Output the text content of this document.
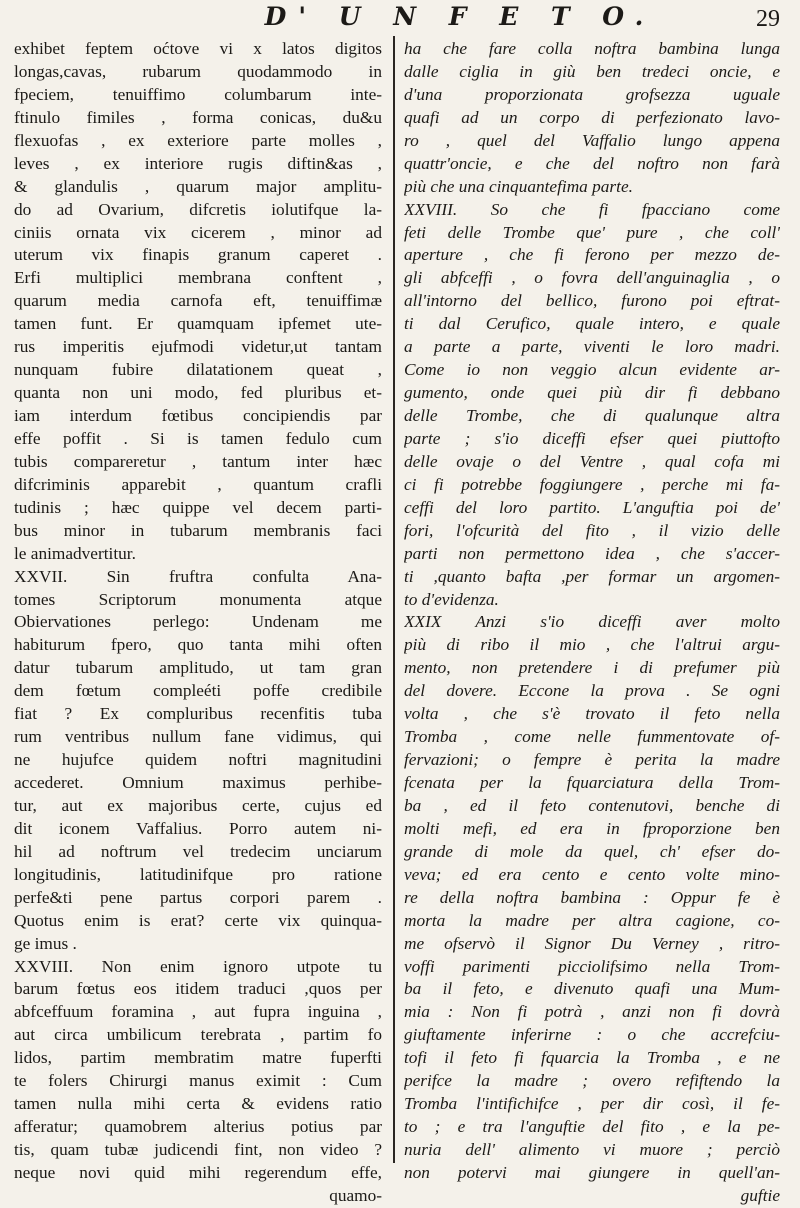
D' U N F E T O.	29
exhibet feptem oćtove vi x latos digitos
longas,cavas, rubarum quodammodo in
fpeciem, tenuiffimo columbarum inte-
ftinulo fimiles , forma conicas, du&u
flexuofas , ex exteriore parte molles ,
leves , ex interiore rugis diftin&as ,
& glandulis , quarum major amplitu-
do ad Ovarium, difcretis iolutifque la-
ciniis ornata vix cicerem , minor ad
uterum vix finapis granum caperet .
Erfi multiplici membrana conftent ,
quarum media carnofa eft, tenuiffimæ
tamen funt. Er quamquam ipfemet ute-
rus imperitis ejufmodi videtur,ut tantam
nunquam fubire dilatationem queat ,
quanta non uni modo, fed pluribus et-
iam interdum fœtibus concipiendis par
effe poffit . Si is tamen fedulo cum
tubis compareretur , tantum inter hæc
difcriminis apparebit , quantum crafli
tudinis ; hæc quippe vel decem parti-
bus minor in tubarum membranis faci
le animadvertitur.
XXVII. Sin fruftra confulta Ana-
tomes Scriptorum monumenta atque
Obiervationes perlego: Undenam me
habiturum fpero, quo tanta mihi often
datur tubarum amplitudo, ut tam gran
dem fœtum compleéti poffe credibile
fiat ? Ex compluribus recenfitis tuba
rum ventribus nullum fane vidimus, qui
ne hujufce quidem noftri magnitudini
accederet. Omnium maximus perhibe-
tur, aut ex majoribus certe, cujus ed
dit iconem Vaffalius. Porro autem ni-
hil ad noftrum vel tredecim unciarum
longitudinis, latitudinifque pro ratione
perfe&ti pene partus corpori parem .
Quotus enim is erat? certe vix quinqua-
ge imus .
XXVIII. Non enim ignoro utpote tu
barum fœtus eos itidem traduci ,quos per
abfceffuum foramina , aut fupra inguina ,
aut circa umbilicum terebrata , partim fo
lidos, partim membratim matre fuperfti
te folers Chirurgi manus eximit : Cum
tamen nulla mihi certa & evidens ratio
afferatur; quamobrem alterius potius par
tis, quam tubæ judicendi fint, non video ?
neque novi quid mihi regerendum effe,
quamo-
ha che fare colla noftra bambina lunga
dalle ciglia in giù ben tredeci oncie, e
d'una proporzionata grofsezza uguale
quafi ad un corpo di perfezionato lavo-
ro , quel del Vaffalio lungo appena
quattr'oncie, e che del noftro non farà
più che una cinquantefima parte.
XXVIII. So che fi fpacciano come
feti delle Trombe que' pure , che coll'
aperture , che fi ferono per mezzo de-
gli abfceffi , o fovra dell'anguinaglia , o
all'intorno del bellico, furono poi eftrat-
ti dal Cerufico, quale intero, e quale
a parte a parte, viventi le loro madri.
Come io non veggio alcun evidente ar-
gumento, onde quei più dir fi debbano
delle Trombe, che di qualunque altra
parte ; s'io diceffi efser quei piuttofto
delle ovaje o del Ventre , qual cofa mi
ci fi potrebbe foggiungere , perche mi fa-
ceffi del loro partito. L'anguftia poi de'
fori, l'ofcurità del fito , il vizio delle
parti non permettono idea , che s'accer-
ti ,quanto bafta ,per formar un argomen-
to d'evidenza.
XXIX Anzi s'io diceffi aver molto
più di ribo il mio , che l'altrui argu-
mento, non pretendere i di prefumer più
del dovere. Eccone la prova . Se ogni
volta , che s'è trovato il feto nella
Tromba , come nelle fummentovate of-
fervazioni; o fempre è perita la madre
fcenata per la fquarciatura della Trom-
ba , ed il feto contenutovi, benche di
molti mefi, ed era in fproporzione ben
grande di mole da quel, ch' efser do-
veva; ed era cento e cento volte mino-
re della noftra bambina : Oppur fe è
morta la madre per altra cagione, co-
me ofservò il Signor Du Verney , ritro-
voffi parimenti picciolifsimo nella Trom-
ba il feto, e divenuto quafi una Mum-
mia : Non fi potrà , anzi non fi dovrà
giuftamente inferirne : o che accrefciu-
tofi il feto fi fquarcia la Tromba , e ne
perifce la madre ; overo refiftendo la
Tromba l'intifichifce , per dir così, il fe-
to ; e tra l'anguftie del fito , e la pe-
nuria dell' alimento vi muore ; perciò
non potervi mai giungere in quell'an-
guftie
